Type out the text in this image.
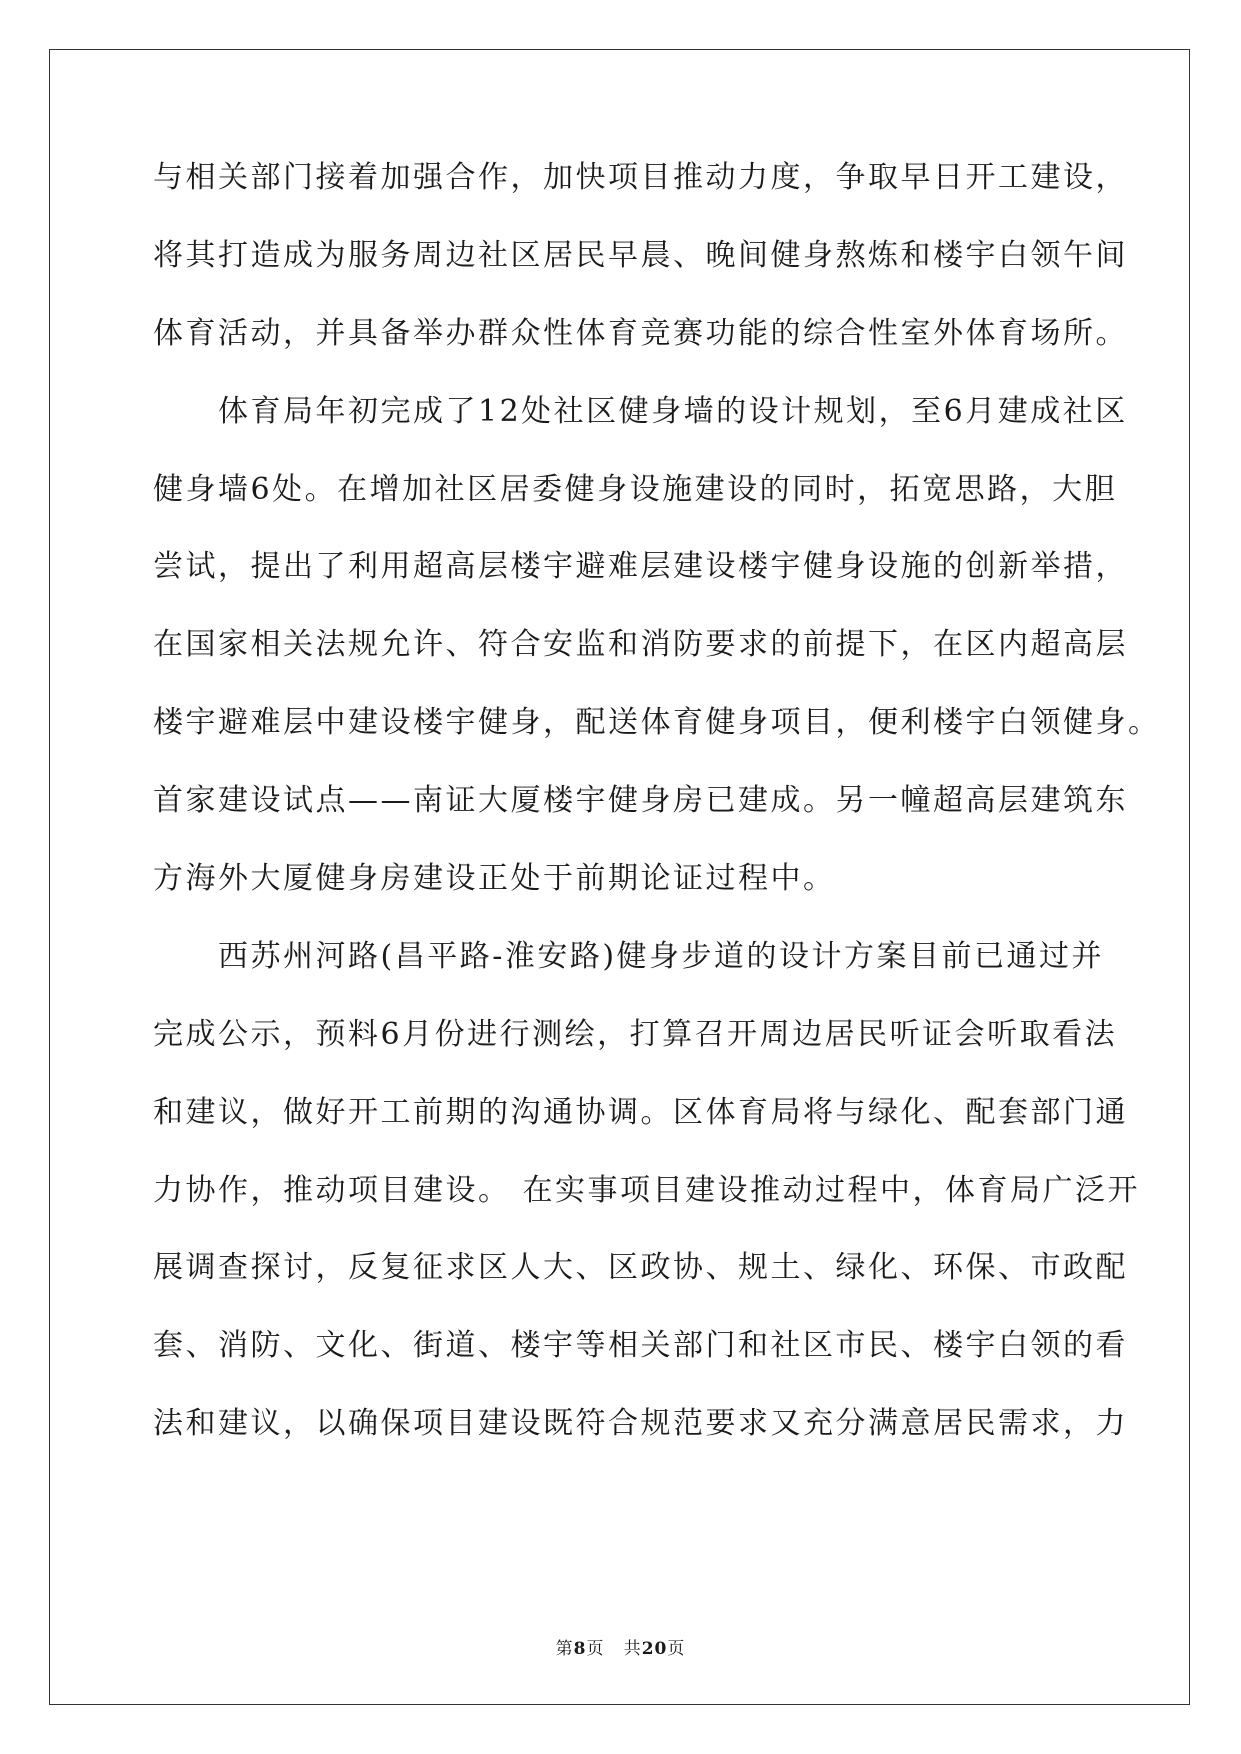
与相关部门接着加强合作，加快项目推动力度，争取早日开工建设，
将其打造成为服务周边社区居民早晨、晚间健身熬炼和楼宇白领午间
体育活动，并具备举办群众性体育竞赛功能的综合性室外体育场所。
　　体育局年初完成了12处社区健身墙的设计规划，至6月建成社区
健身墙6处。在增加社区居委健身设施建设的同时，拓宽思路，大胆
尝试，提出了利用超高层楼宇避难层建设楼宇健身设施的创新举措，
在国家相关法规允许、符合安监和消防要求的前提下，在区内超高层
楼宇避难层中建设楼宇健身，配送体育健身项目，便利楼宇白领健身。
首家建设试点——南证大厦楼宇健身房已建成。另一幢超高层建筑东
方海外大厦健身房建设正处于前期论证过程中。
　　西苏州河路(昌平路-淮安路)健身步道的设计方案目前已通过并
完成公示，预料6月份进行测绘，打算召开周边居民听证会听取看法
和建议，做好开工前期的沟通协调。区体育局将与绿化、配套部门通
力协作，推动项目建设。 在实事项目建设推动过程中，体育局广泛开
展调查探讨，反复征求区人大、区政协、规土、绿化、环保、市政配
套、消防、文化、街道、楼宇等相关部门和社区市民、楼宇白领的看
法和建议，以确保项目建设既符合规范要求又充分满意居民需求，力
第8页 共20页
